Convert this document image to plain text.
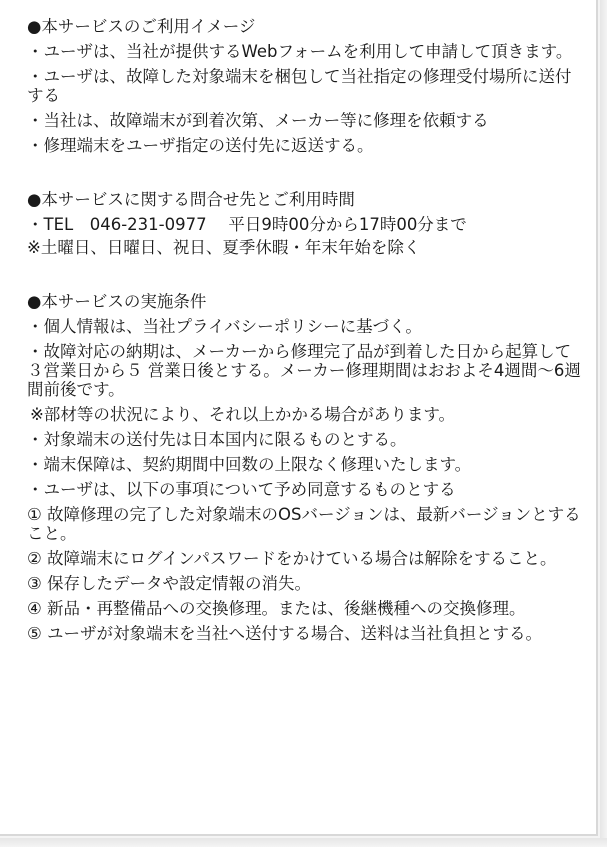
●本サービスのご利用イメージ
・ユーザは、当社が提供するWebフォームを利用して申請して頂きます。
・ユーザは、故障した対象端末を梱包して当社指定の修理受付場所に送付する
・当社は、故障端末が到着次第、メーカー等に修理を依頼する
・修理端末をユーザ指定の送付先に返送する。
●本サービスに関する問合せ先とご利用時間
・TEL　046-231-0977　 平日9時00分から17時00分まで
※土曜日、日曜日、祝日、夏季休暇・年末年始を除く
●本サービスの実施条件
・個人情報は、当社プライバシーポリシーに基づく。
・故障対応の納期は、メーカーから修理完了品が到着した日から起算して３営業日から５ 営業日後とする。メーカー修理期間はおおよそ4週間～6週間前後です。
※部材等の状況により、それ以上かかる場合があります。
・対象端末の送付先は日本国内に限るものとする。
・端末保障は、契約期間中回数の上限なく修理いたします。
・ユーザは、以下の事項について予め同意するものとする
① 故障修理の完了した対象端末のOSバージョンは、最新バージョンとすること。
② 故障端末にログインパスワードをかけている場合は解除をすること。
③ 保存したデータや設定情報の消失。
④ 新品・再整備品への交換修理。または、後継機種への交換修理。
⑤ ユーザが対象端末を当社へ送付する場合、送料は当社負担とする。
